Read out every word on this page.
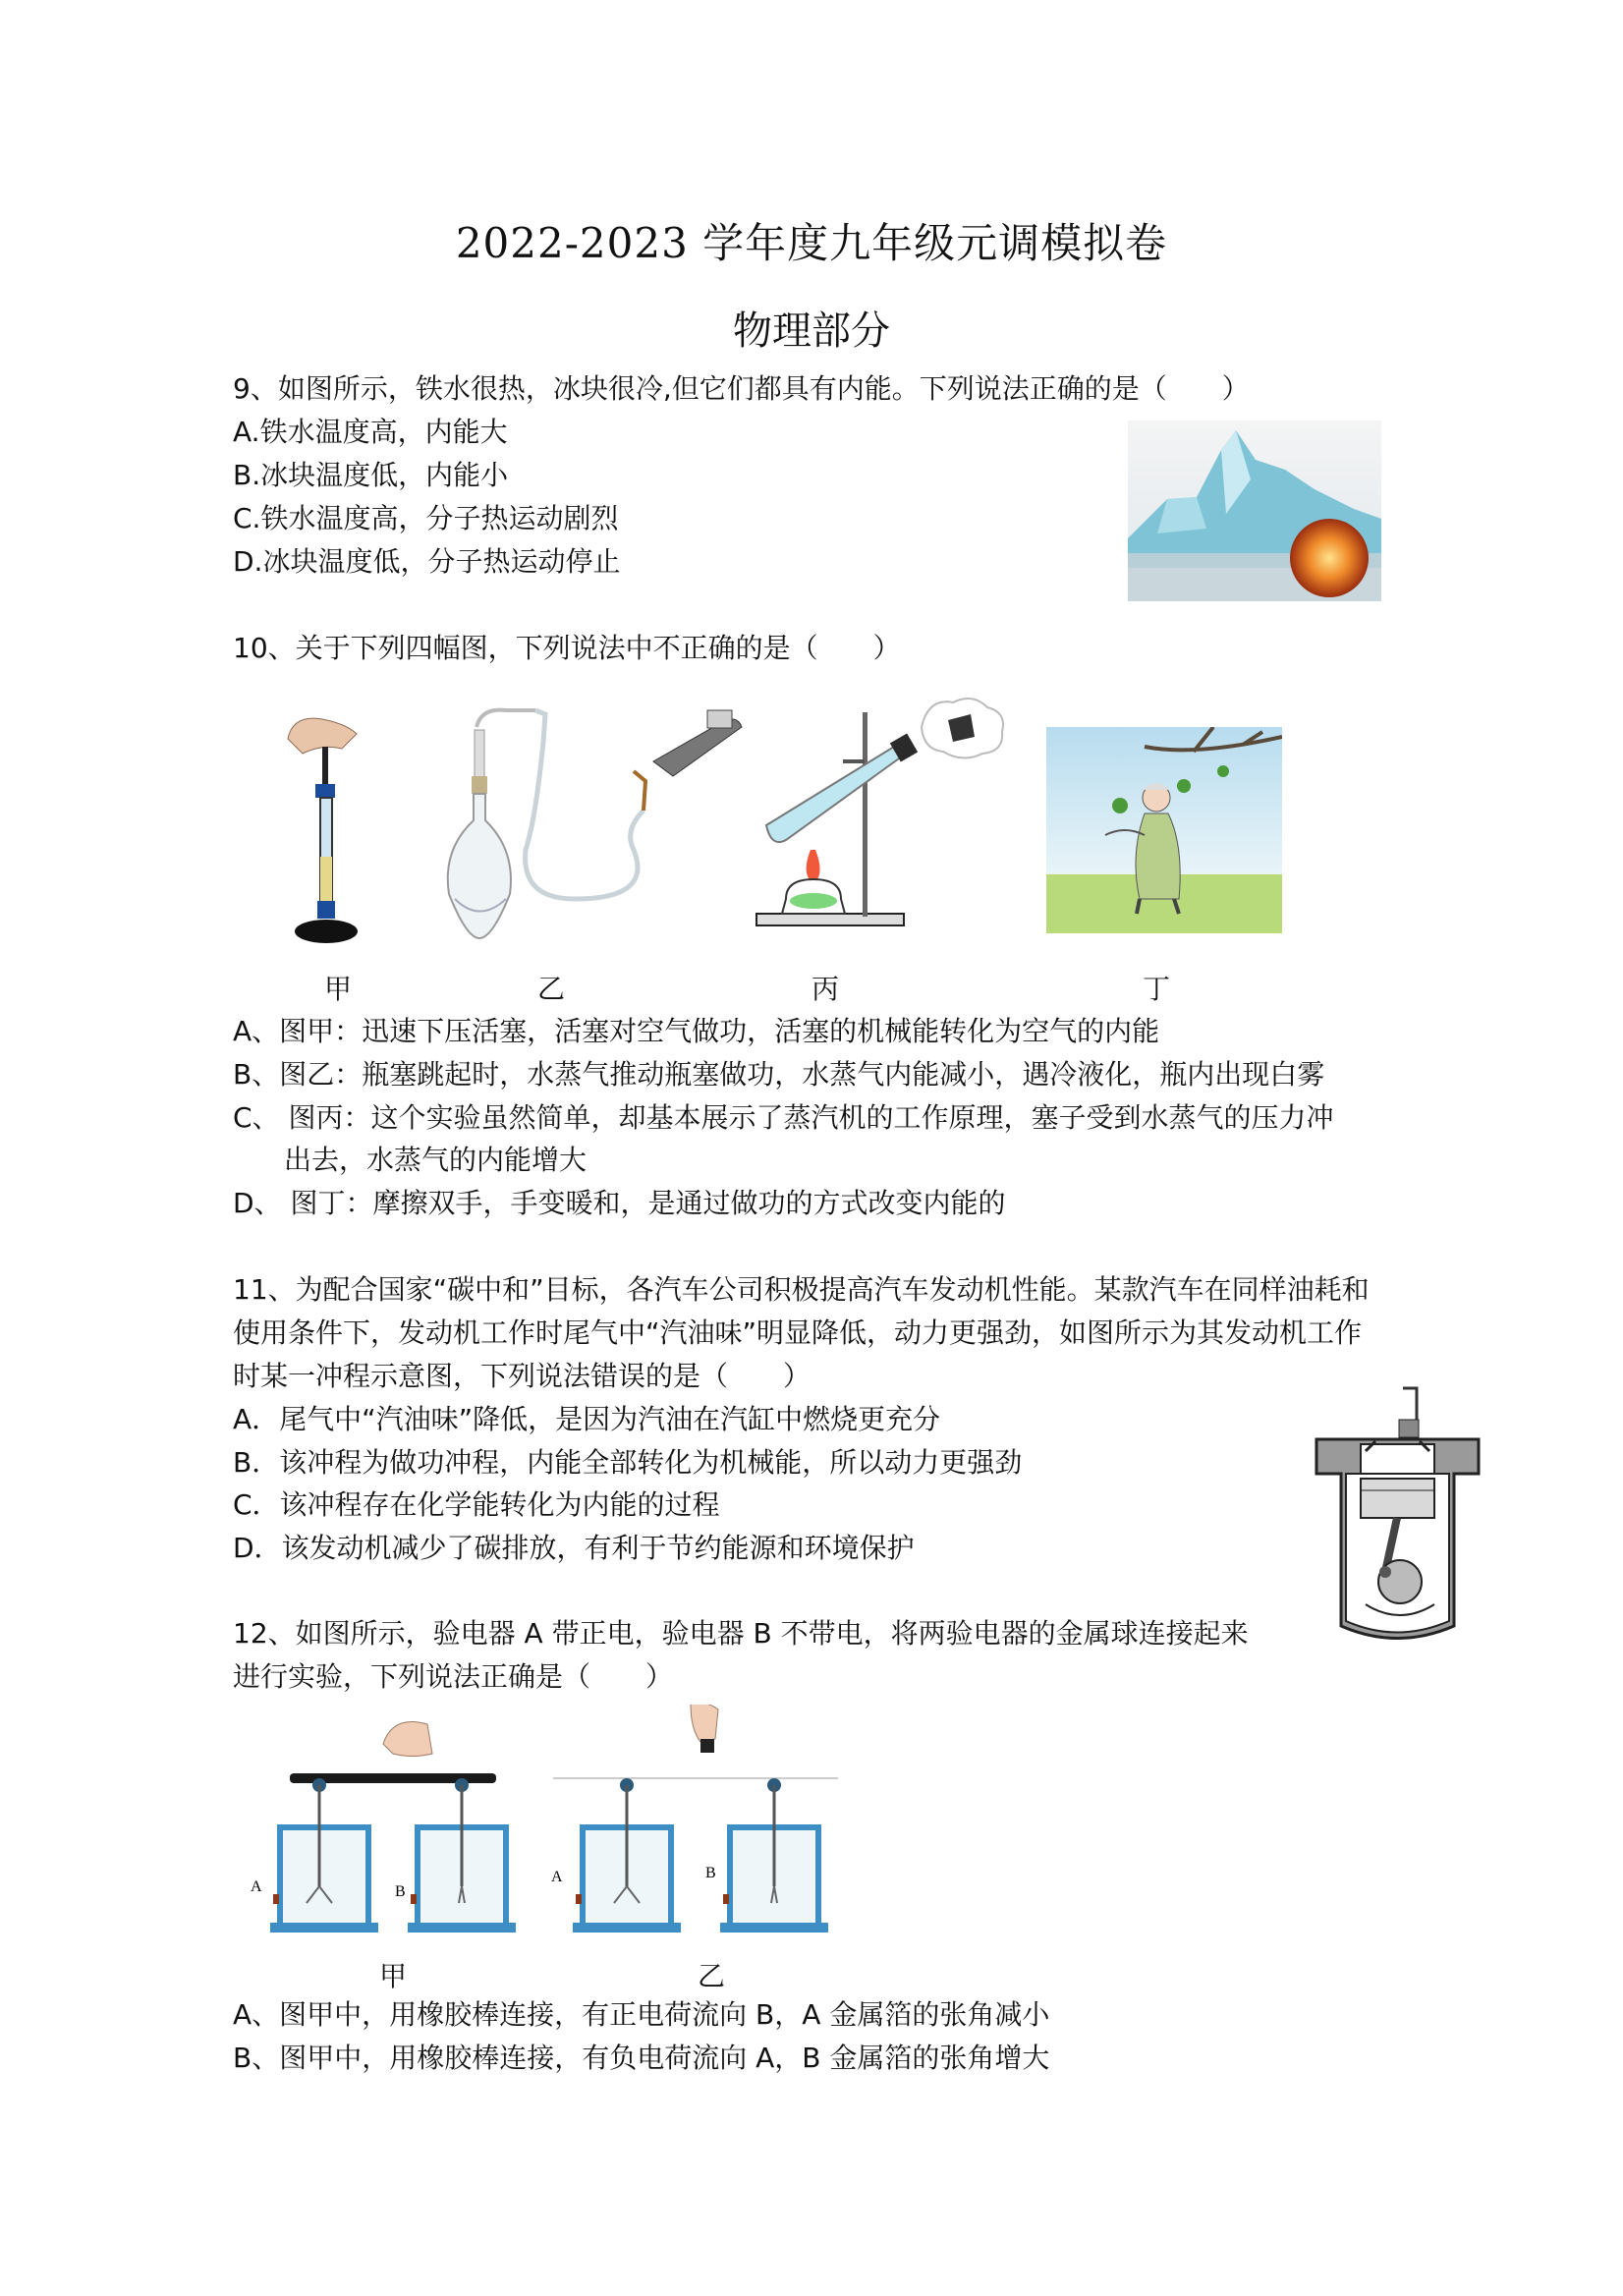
2022-2023 学年度九年级元调模拟卷
物理部分
9、如图所示，铁水很热，冰块很冷,但它们都具有内能。下列说法正确的是（　　）
A.铁水温度高，内能大
B.冰块温度低，内能小
C.铁水温度高，分子热运动剧烈
D.冰块温度低，分子热运动停止
10、关于下列四幅图，下列说法中不正确的是（　　）
甲	乙	丙	丁
A、图甲：迅速下压活塞，活塞对空气做功，活塞的机械能转化为空气的内能
B、图乙：瓶塞跳起时，水蒸气推动瓶塞做功，水蒸气内能减小，遇冷液化，瓶内出现白雾
C、 图丙：这个实验虽然简单，却基本展示了蒸汽机的工作原理，塞子受到水蒸气的压力冲
出去，水蒸气的内能增大
D、 图丁：摩擦双手，手变暖和，是通过做功的方式改变内能的
11、为配合国家“碳中和”目标，各汽车公司积极提高汽车发动机性能。某款汽车在同样油耗和
使用条件下，发动机工作时尾气中“汽油味”明显降低，动力更强劲，如图所示为其发动机工作
时某一冲程示意图，下列说法错误的是（　　）
A．尾气中“汽油味”降低，是因为汽油在汽缸中燃烧更充分
B．该冲程为做功冲程，内能全部转化为机械能，所以动力更强劲
C．该冲程存在化学能转化为内能的过程
D．该发动机减少了碳排放，有利于节约能源和环境保护
12、如图所示，验电器 A 带正电，验电器 B 不带电，将两验电器的金属球连接起来
进行实验，下列说法正确是（　　）
A	B
A	B
甲	乙
A、图甲中，用橡胶棒连接，有正电荷流向 B，A 金属箔的张角减小
B、图甲中，用橡胶棒连接，有负电荷流向 A，B 金属箔的张角增大
